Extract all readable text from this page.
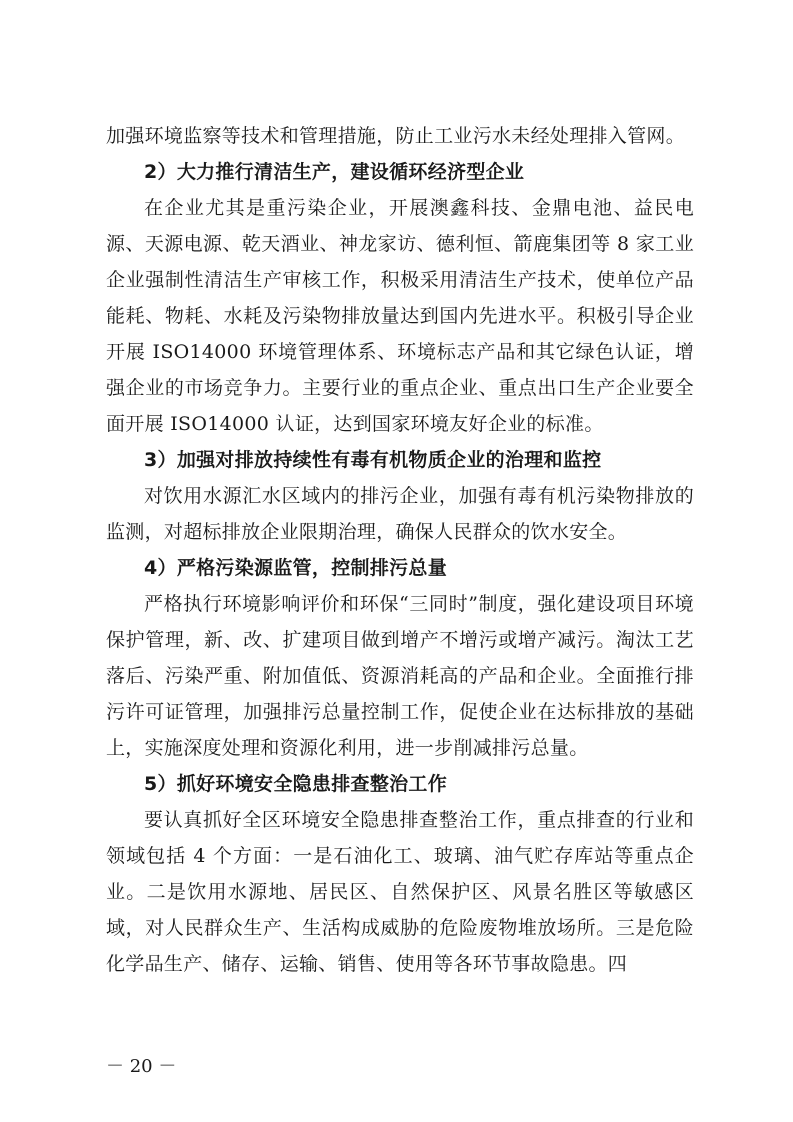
加强环境监察等技术和管理措施，防止工业污水未经处理排入管网。

2）大力推行清洁生产，建设循环经济型企业

在企业尤其是重污染企业，开展澳鑫科技、金鼎电池、益民电源、天源电源、乾天酒业、神龙家访、德利恒、箭鹿集团等 8 家工业企业强制性清洁生产审核工作，积极采用清洁生产技术，使单位产品能耗、物耗、水耗及污染物排放量达到国内先进水平。积极引导企业开展 ISO14000 环境管理体系、环境标志产品和其它绿色认证，增强企业的市场竞争力。主要行业的重点企业、重点出口生产企业要全面开展 ISO14000 认证，达到国家环境友好企业的标准。

3）加强对排放持续性有毒有机物质企业的治理和监控

对饮用水源汇水区域内的排污企业，加强有毒有机污染物排放的监测，对超标排放企业限期治理，确保人民群众的饮水安全。

4）严格污染源监管，控制排污总量

严格执行环境影响评价和环保“三同时”制度，强化建设项目环境保护管理，新、改、扩建项目做到增产不增污或增产减污。淘汰工艺落后、污染严重、附加值低、资源消耗高的产品和企业。全面推行排污许可证管理，加强排污总量控制工作，促使企业在达标排放的基础上，实施深度处理和资源化利用，进一步削减排污总量。

5）抓好环境安全隐患排查整治工作

要认真抓好全区环境安全隐患排查整治工作，重点排查的行业和领域包括 4 个方面：一是石油化工、玻璃、油气贮存库站等重点企业。二是饮用水源地、居民区、自然保护区、风景名胜区等敏感区域，对人民群众生产、生活构成威胁的危险废物堆放场所。三是危险化学品生产、储存、运输、销售、使用等各环节事故隐患。四

－ 20 －
